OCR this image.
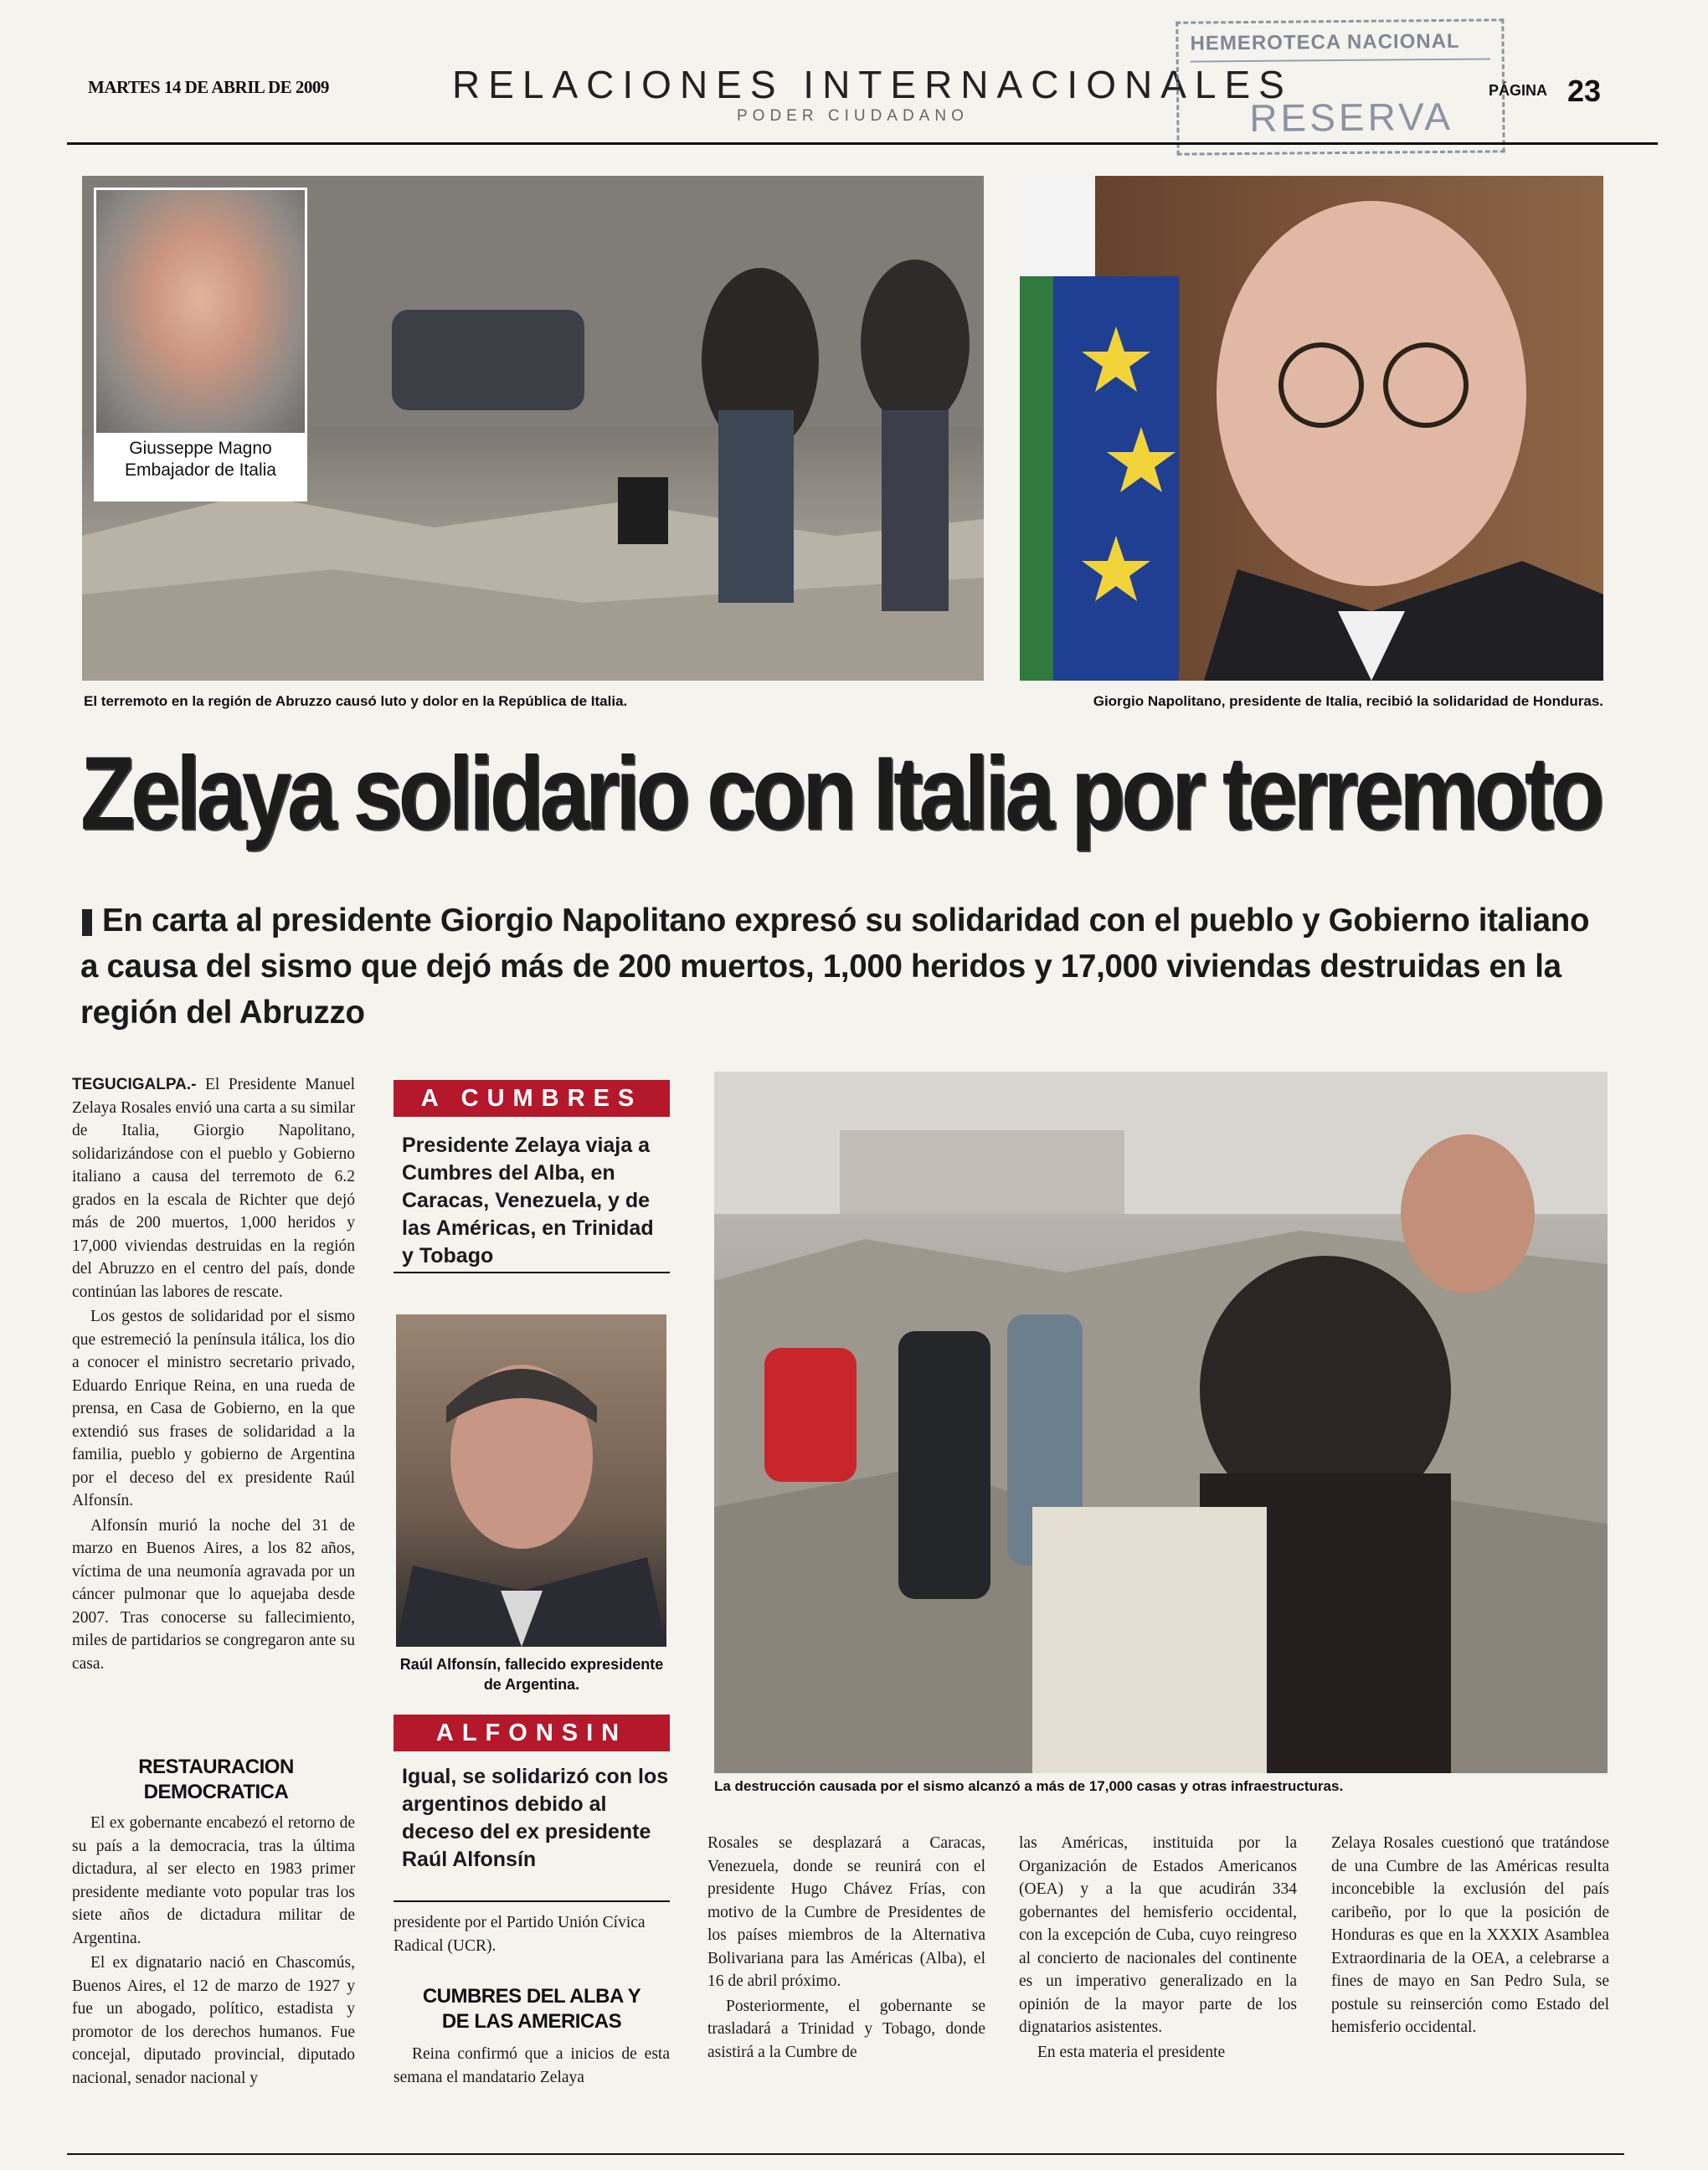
MARTES 14 DE ABRIL DE 2009	RELACIONES INTERNACIONALES
PODER CIUDADANO
HEMEROTECA NACIONAL
RESERVA
PÁGINA 23
Giusseppe Magno
Embajador de Italia
El terremoto en la región de Abruzzo causó luto y dolor en la República de Italia.	Giorgio Napolitano, presidente de Italia, recibió la solidaridad de Honduras.
Zelaya solidario con Italia por terremoto
En carta al presidente Giorgio Napolitano expresó su solidaridad con el pueblo y Gobierno italiano a causa del sismo que dejó más de 200 muertos, 1,000 heridos y 17,000 viviendas destruidas en la región del Abruzzo

TEGUCIGALPA.- El Presidente Manuel Zelaya Rosales envió una carta a su similar de Italia, Giorgio Napolitano, solidarizándose con el pueblo y Gobierno italiano a causa del terremoto de 6.2 grados en la escala de Richter que dejó más de 200 muertos, 1,000 heridos y 17,000 viviendas destruidas en la región del Abruzzo en el centro del país, donde continúan las labores de rescate.

Los gestos de solidaridad por el sismo que estremeció la península itálica, los dio a conocer el ministro secretario privado, Eduardo Enrique Reina, en una rueda de prensa, en Casa de Gobierno, en la que extendió sus frases de solidaridad a la familia, pueblo y gobierno de Argentina por el deceso del ex presidente Raúl Alfonsín.

Alfonsín murió la noche del 31 de marzo en Buenos Aires, a los 82 años, víctima de una neumonía agravada por un cáncer pulmonar que lo aquejaba desde 2007. Tras conocerse su fallecimiento, miles de partidarios se congregaron ante su casa.

RESTAURACION DEMOCRATICA

El ex gobernante encabezó el retorno de su país a la democracia, tras la última dictadura, al ser electo en 1983 primer presidente mediante voto popular tras los siete años de dictadura militar de Argentina.

El ex dignatario nació en Chascomús, Buenos Aires, el 12 de marzo de 1927 y fue un abogado, político, estadista y promotor de los derechos humanos. Fue concejal, diputado provincial, diputado nacional, senador nacional y

A CUMBRES
Presidente Zelaya viaja a Cumbres del Alba, en Caracas, Venezuela, y de las Américas, en Trinidad y Tobago
Raúl Alfonsín, fallecido expresidente de Argentina.
ALFONSIN
Igual, se solidarizó con los argentinos debido al deceso del ex presidente Raúl Alfonsín

presidente por el Partido Unión Cívica Radical (UCR).

CUMBRES DEL ALBA Y DE LAS AMERICAS

Reina confirmó que a inicios de esta semana el mandatario Zelaya

La destrucción causada por el sismo alcanzó a más de 17,000 casas y otras infraestructuras.

Rosales se desplazará a Caracas, Venezuela, donde se reunirá con el presidente Hugo Chávez Frías, con motivo de la Cumbre de Presidentes de los países miembros de la Alternativa Bolivariana para las Américas (Alba), el 16 de abril próximo.

Posteriormente, el gobernante se trasladará a Trinidad y Tobago, donde asistirá a la Cumbre de

las Américas, instituida por la Organización de Estados Americanos (OEA) y a la que acudirán 334 gobernantes del hemisferio occidental, con la excepción de Cuba, cuyo reingreso al concierto de nacionales del continente es un imperativo generalizado en la opinión de la mayor parte de los dignatarios asistentes.

En esta materia el presidente

Zelaya Rosales cuestionó que tratándose de una Cumbre de las Américas resulta inconcebible la exclusión del país caribeño, por lo que la posición de Honduras es que en la XXXIX Asamblea Extraordinaria de la OEA, a celebrarse a fines de mayo en San Pedro Sula, se postule su reinserción como Estado del hemisferio occidental.
